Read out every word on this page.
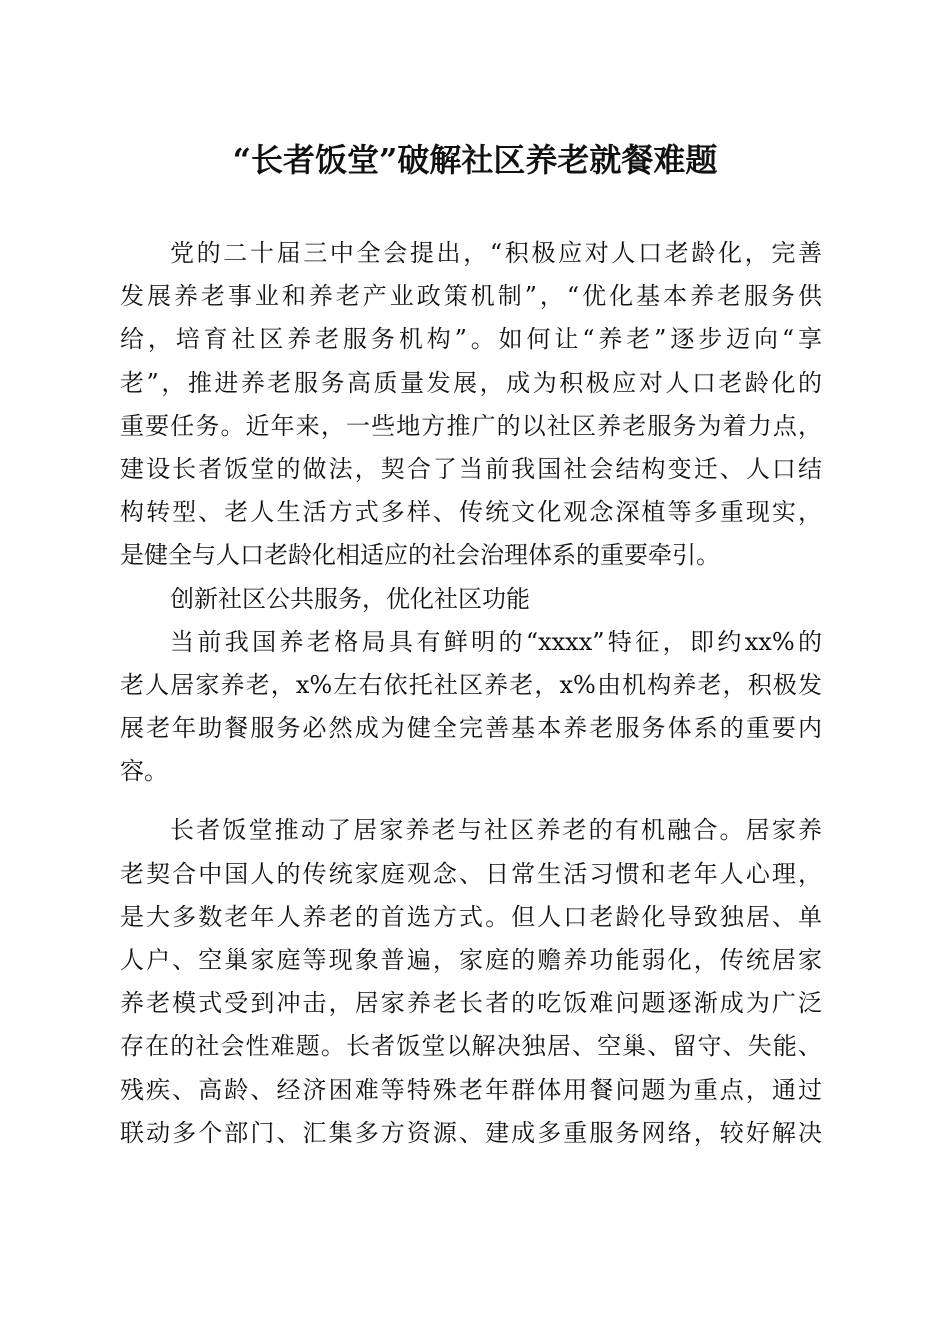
“长者饭堂”破解社区养老就餐难题
党的二十届三中全会提出，“积极应对人口老龄化，完善
发展养老事业和养老产业政策机制”，“优化基本养老服务供
给，培育社区养老服务机构”。如何让“养老”逐步迈向“享
老”，推进养老服务高质量发展，成为积极应对人口老龄化的
重要任务。近年来，一些地方推广的以社区养老服务为着力点，
建设长者饭堂的做法，契合了当前我国社会结构变迁、人口结
构转型、老人生活方式多样、传统文化观念深植等多重现实，
是健全与人口老龄化相适应的社会治理体系的重要牵引。
创新社区公共服务，优化社区功能
当前我国养老格局具有鲜明的“xxxx”特征，即约xx%的
老人居家养老，x%左右依托社区养老，x%由机构养老，积极发
展老年助餐服务必然成为健全完善基本养老服务体系的重要内
容。
长者饭堂推动了居家养老与社区养老的有机融合。居家养
老契合中国人的传统家庭观念、日常生活习惯和老年人心理，
是大多数老年人养老的首选方式。但人口老龄化导致独居、单
人户、空巢家庭等现象普遍，家庭的赡养功能弱化，传统居家
养老模式受到冲击，居家养老长者的吃饭难问题逐渐成为广泛
存在的社会性难题。长者饭堂以解决独居、空巢、留守、失能、
残疾、高龄、经济困难等特殊老年群体用餐问题为重点，通过
联动多个部门、汇集多方资源、建成多重服务网络，较好解决
